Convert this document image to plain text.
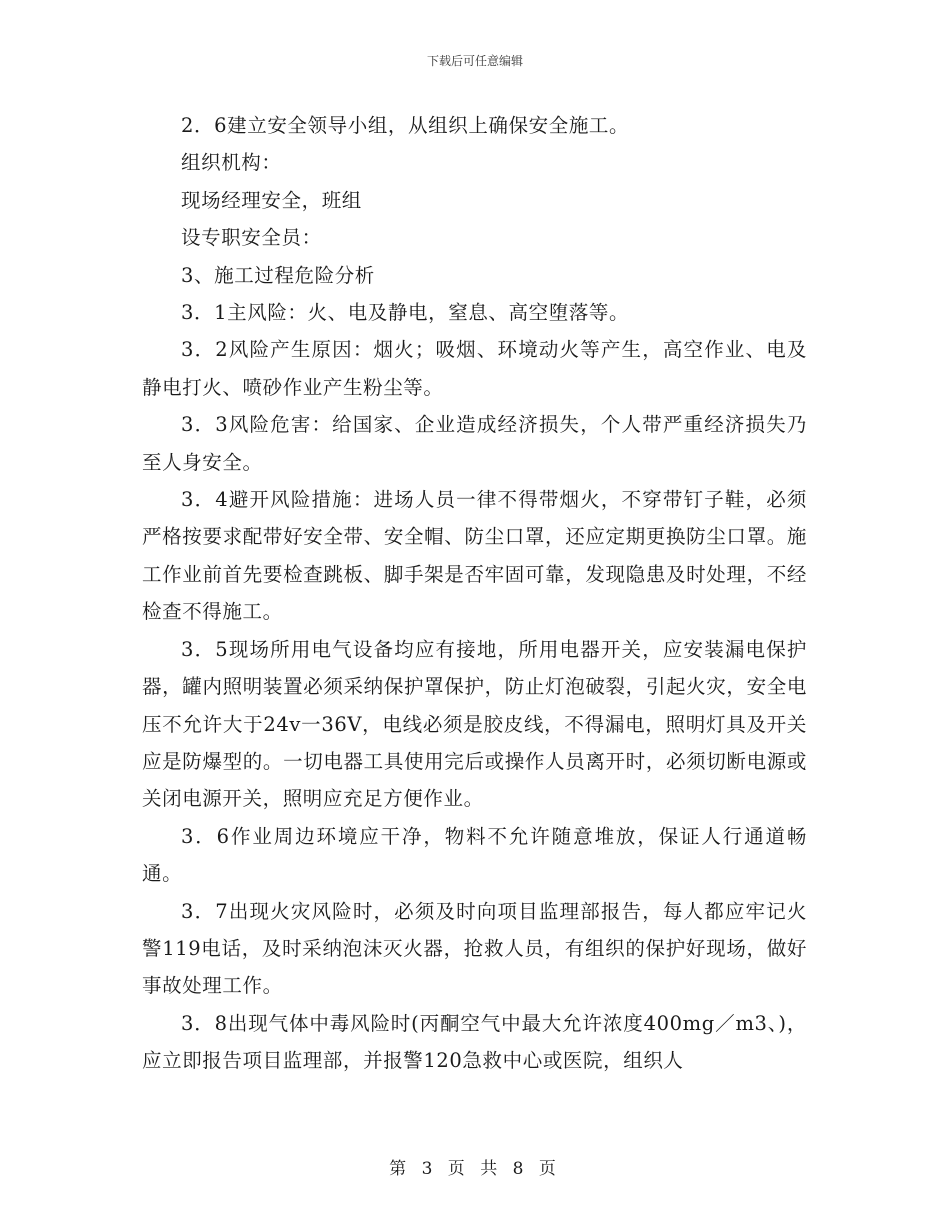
下载后可任意编辑

2．6建立安全领导小组，从组织上确保安全施工。

组织机构：

现场经理安全，班组

设专职安全员：

3、施工过程危险分析

3．1主风险：火、电及静电，窒息、高空堕落等。

3．2风险产生原因：烟火；吸烟、环境动火等产生，高空作业、电及静电打火、喷砂作业产生粉尘等。

3．3风险危害：给国家、企业造成经济损失，个人带严重经济损失乃至人身安全。

3．4避开风险措施：进场人员一律不得带烟火，不穿带钉子鞋，必须严格按要求配带好安全带、安全帽、防尘口罩，还应定期更换防尘口罩。施工作业前首先要检查跳板、脚手架是否牢固可靠，发现隐患及时处理，不经检查不得施工。

3．5现场所用电气设备均应有接地，所用电器开关，应安装漏电保护器，罐内照明装置必须采纳保护罩保护，防止灯泡破裂，引起火灾，安全电压不允许大于24v一36V，电线必须是胶皮线，不得漏电，照明灯具及开关应是防爆型的。一切电器工具使用完后或操作人员离开时，必须切断电源或关闭电源开关，照明应充足方便作业。

3．6作业周边环境应干净，物料不允许随意堆放，保证人行通道畅通。

3．7出现火灾风险时，必须及时向项目监理部报告，每人都应牢记火警119电话，及时采纳泡沫灭火器，抢救人员，有组织的保护好现场，做好事故处理工作。

3．8出现气体中毒风险时(丙酮空气中最大允许浓度400mg／m3、)，应立即报告项目监理部，并报警120急救中心或医院，组织人

第 3 页 共 8 页
